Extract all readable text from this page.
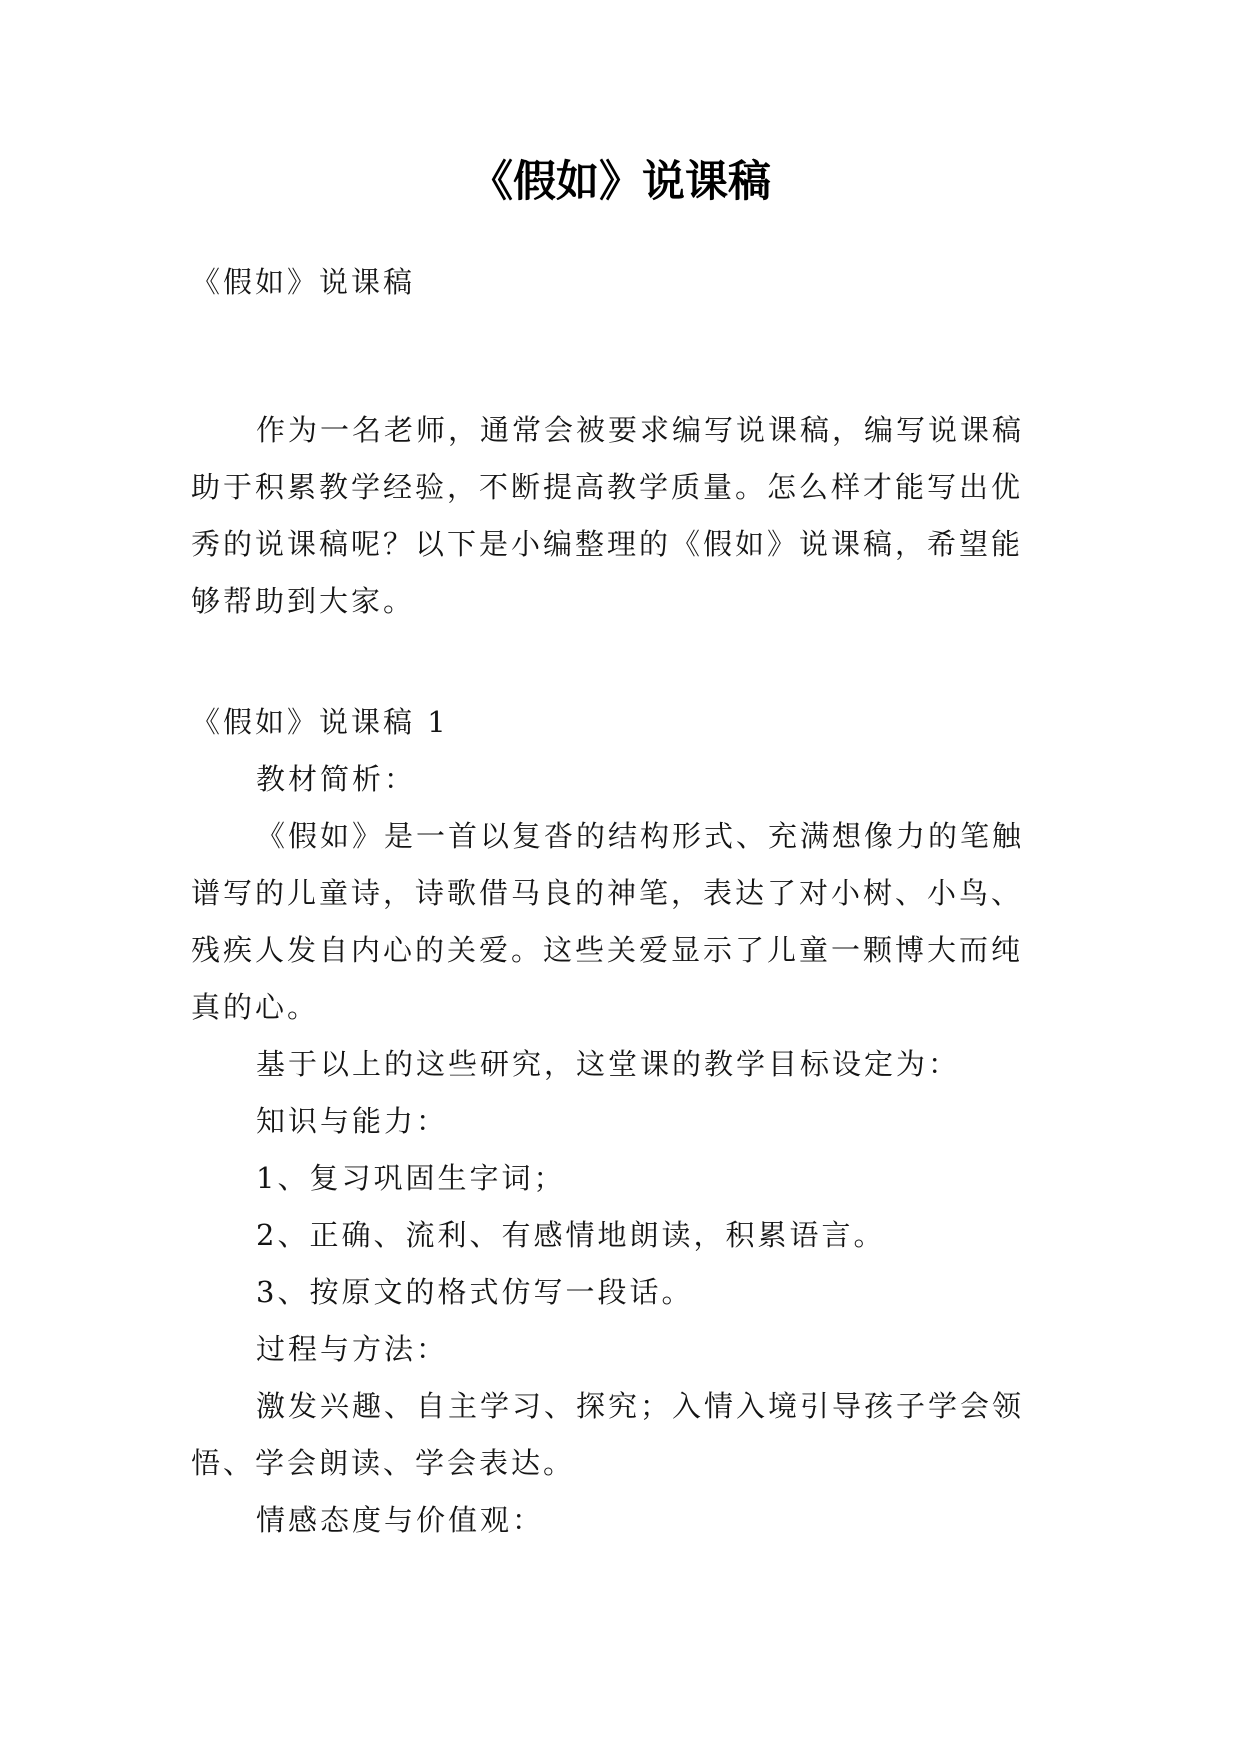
《假如》说课稿
《假如》说课稿
作为一名老师，通常会被要求编写说课稿，编写说课稿
助于积累教学经验，不断提高教学质量。怎么样才能写出优
秀的说课稿呢？以下是小编整理的《假如》说课稿，希望能
够帮助到大家。
《假如》说课稿 1
教材简析：
《假如》是一首以复沓的结构形式、充满想像力的笔触
谱写的儿童诗，诗歌借马良的神笔，表达了对小树、小鸟、
残疾人发自内心的关爱。这些关爱显示了儿童一颗博大而纯
真的心。
基于以上的这些研究，这堂课的教学目标设定为：
知识与能力：
1、复习巩固生字词；
2、正确、流利、有感情地朗读，积累语言。
3、按原文的格式仿写一段话。
过程与方法：
激发兴趣、自主学习、探究；入情入境引导孩子学会领
悟、学会朗读、学会表达。
情感态度与价值观：
